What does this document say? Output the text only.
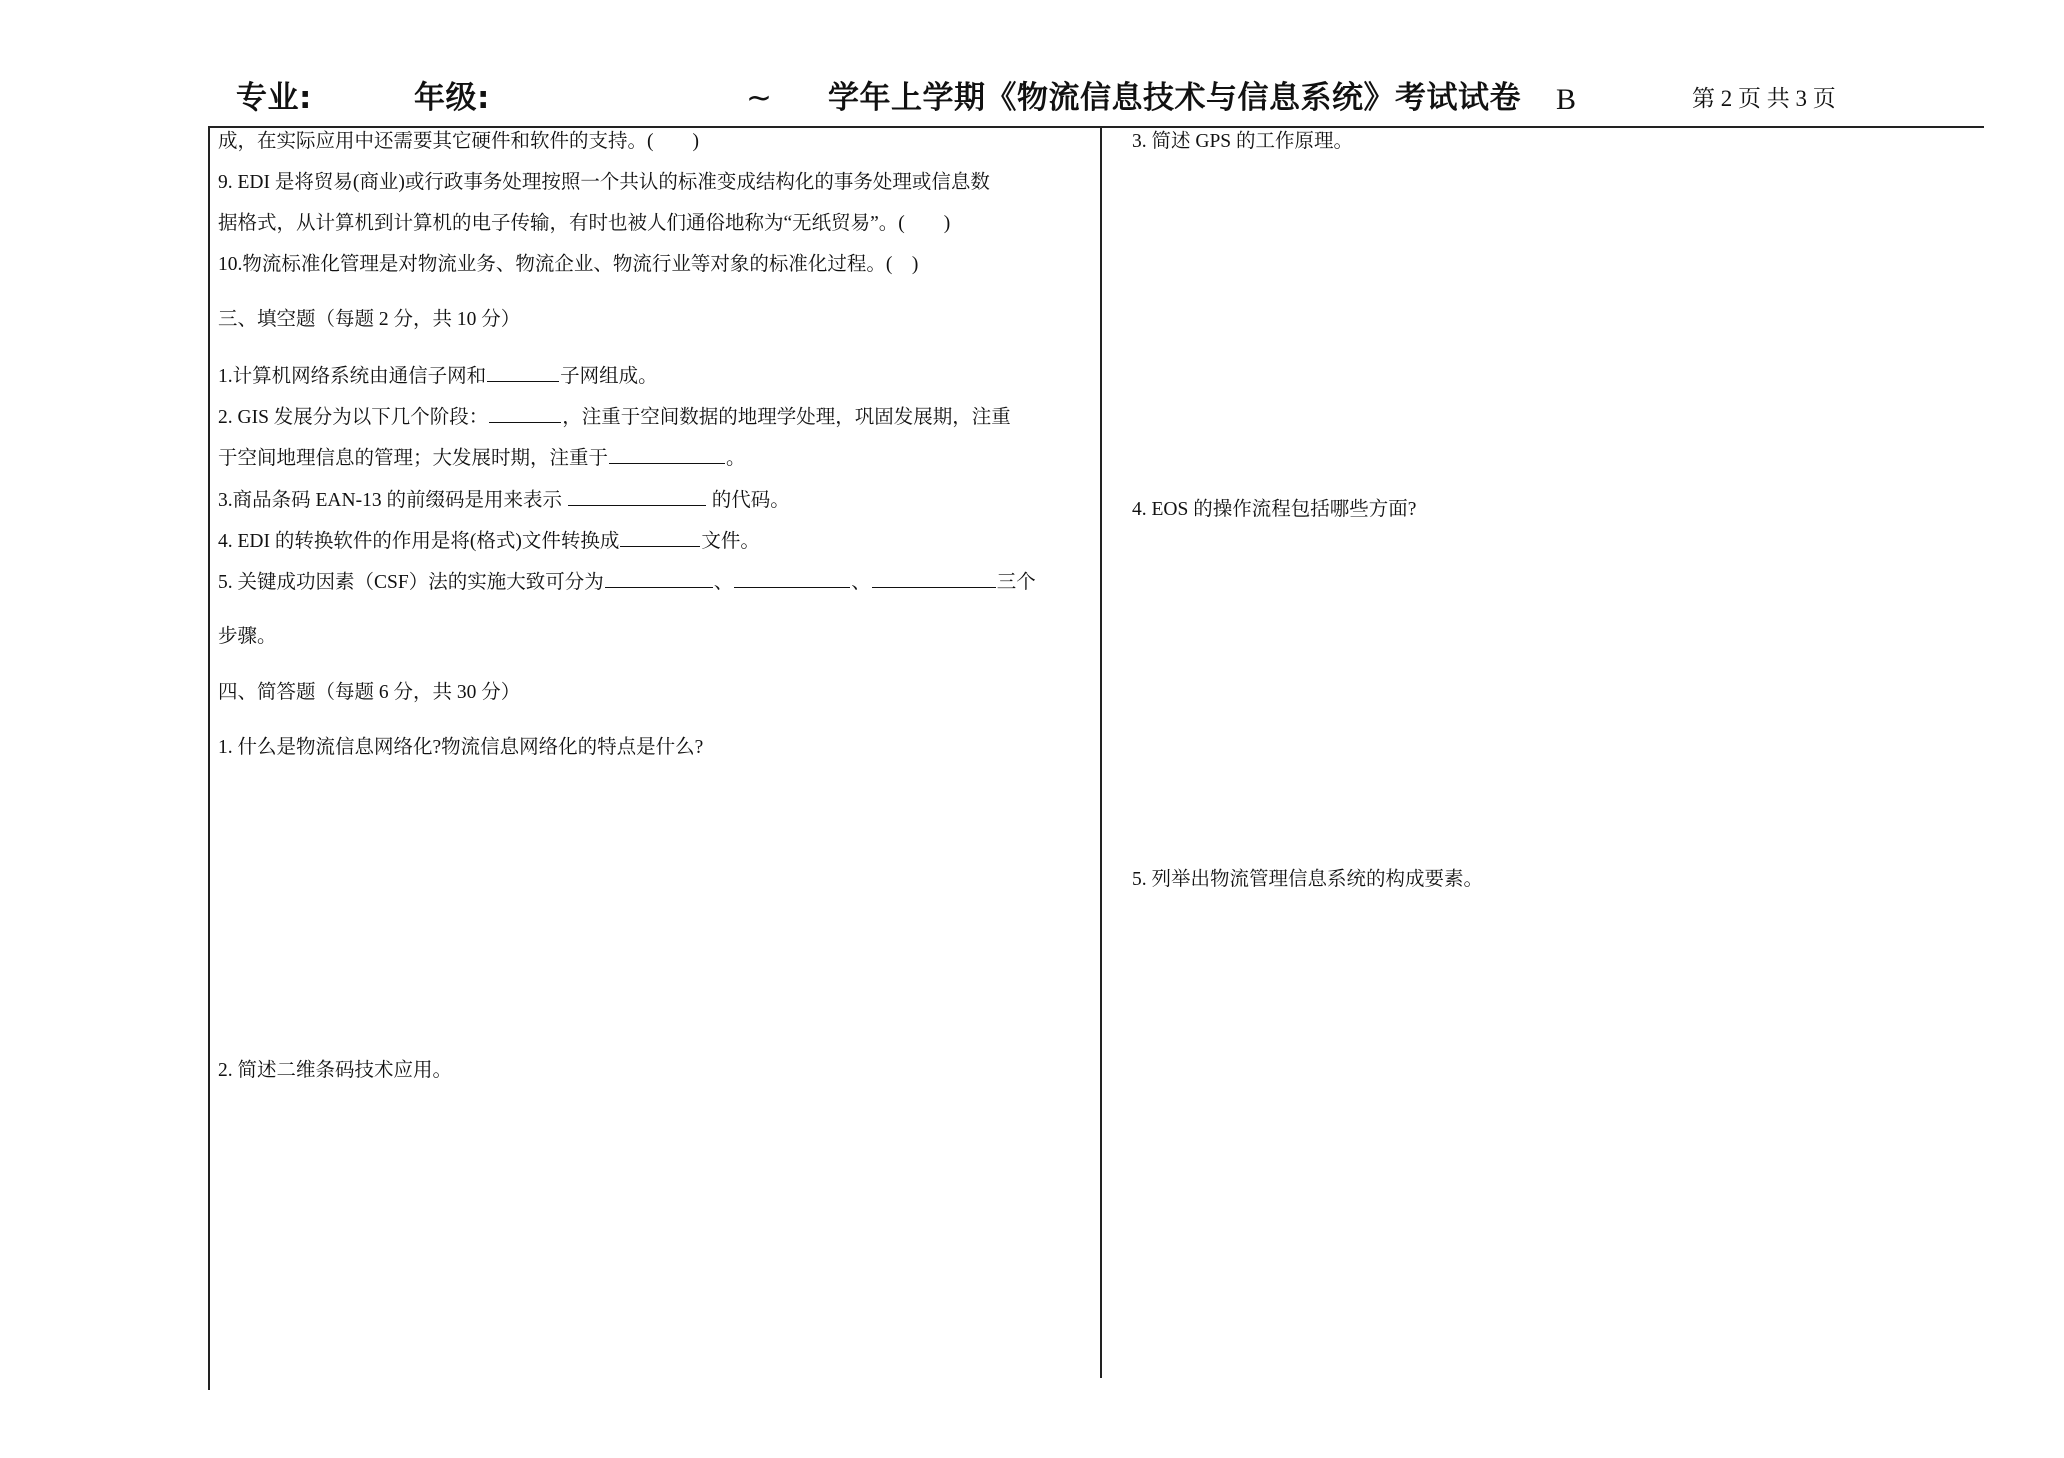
专业:	年级:	~ 学年上学期《物流信息技术与信息系统》考试试卷 B	第 2 页 共 3 页
成，在实际应用中还需要其它硬件和软件的支持。(　　)
9. EDI 是将贸易(商业)或行政事务处理按照一个共认的标准变成结构化的事务处理或信息数
据格式，从计算机到计算机的电子传输，有时也被人们通俗地称为“无纸贸易”。(　　)
10.物流标准化管理是对物流业务、物流企业、物流行业等对象的标准化过程。(　)
三、填空题（每题 2 分，共 10 分）
1.计算机网络系统由通信子网和	子网组成。
2. GIS 发展分为以下几个阶段：	，注重于空间数据的地理学处理，巩固发展期，注重
于空间地理信息的管理；大发展时期，注重于	。
3.商品条码 EAN-13 的前缀码是用来表示	的代码。
4. EDI 的转换软件的作用是将(格式)文件转换成	文件。
5. 关键成功因素（CSF）法的实施大致可分为	、	、	三个
步骤。
四、简答题（每题 6 分，共 30 分）
1. 什么是物流信息网络化?物流信息网络化的特点是什么?
2. 简述二维条码技术应用。
3. 简述 GPS 的工作原理。
4. EOS 的操作流程包括哪些方面?
5. 列举出物流管理信息系统的构成要素。
